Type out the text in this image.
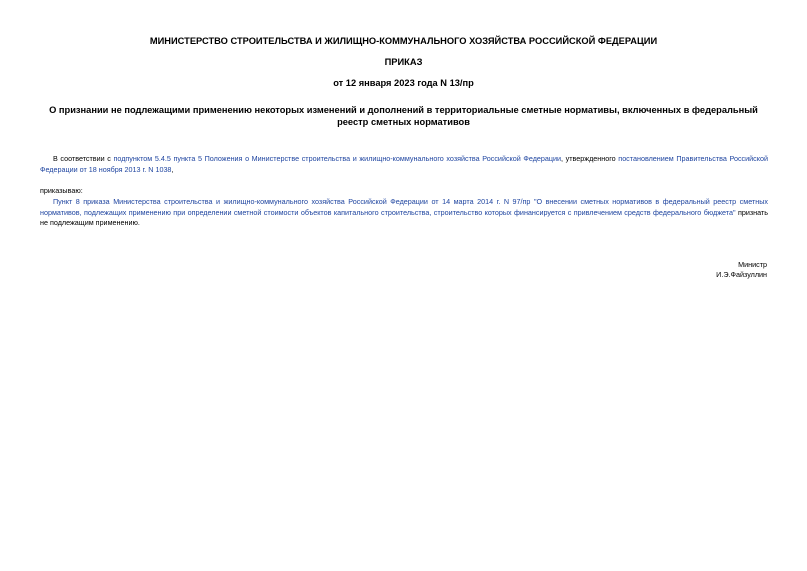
МИНИСТЕРСТВО СТРОИТЕЛЬСТВА И ЖИЛИЩНО-КОММУНАЛЬНОГО ХОЗЯЙСТВА РОССИЙСКОЙ ФЕДЕРАЦИИ
ПРИКАЗ
от 12 января 2023 года N 13/пр
О признании не подлежащими применению некоторых изменений и дополнений в территориальные сметные нормативы, включенных в федеральный реестр сметных нормативов
В соответствии с подпунктом 5.4.5 пункта 5 Положения о Министерстве строительства и жилищно-коммунального хозяйства Российской Федерации, утвержденного постановлением Правительства Российской Федерации от 18 ноября 2013 г. N 1038,
приказываю:
Пункт 8 приказа Министерства строительства и жилищно-коммунального хозяйства Российской Федерации от 14 марта 2014 г. N 97/пр "О внесении сметных нормативов в федеральный реестр сметных нормативов, подлежащих применению при определении сметной стоимости объектов капитального строительства, строительство которых финансируется с привлечением средств федерального бюджета" признать не подлежащим применению.
Министр
И.Э.Файзуллин
